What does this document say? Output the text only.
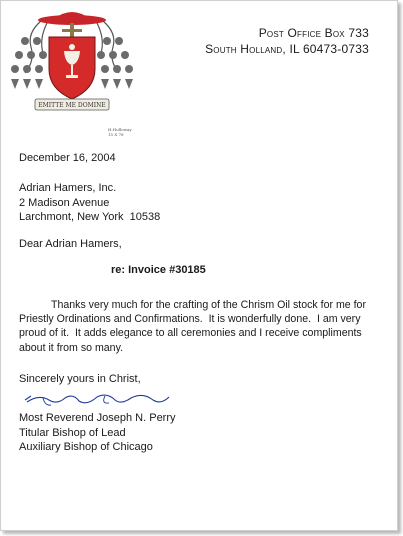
EMITTE ME DOMINE
H.Holloway
15 X 78
Post Office Box 733
South Holland, IL 60473-0733
December 16, 2004
Adrian Hamers, Inc.
2 Madison Avenue
Larchmont, New York  10538
Dear Adrian Hamers,
re: Invoice #30185
Thanks very much for the crafting of the Chrism Oil stock for me for Priestly Ordinations and Confirmations.  It is wonderfully done.  I am very proud of it.  It adds elegance to all ceremonies and I receive compliments about it from so many.
Sincerely yours in Christ,
Most Reverend Joseph N. Perry
Titular Bishop of Lead
Auxiliary Bishop of Chicago
